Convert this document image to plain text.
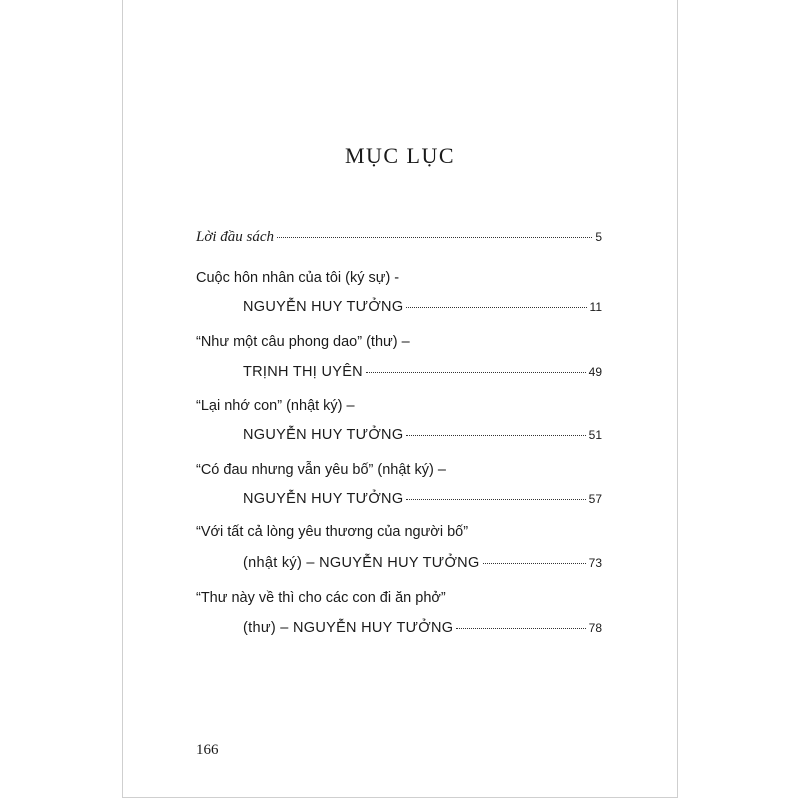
MỤC LỤC
Lời đầu sách	5
Cuộc hôn nhân của tôi (ký sự) -
NGUYỄN HUY TƯỞNG	11
“Như một câu phong dao” (thư) –
TRỊNH THỊ UYÊN	49
“Lại nhớ con” (nhật ký) –
NGUYỄN HUY TƯỞNG	51
“Có đau nhưng vẫn yêu bố” (nhật ký) –
NGUYỄN HUY TƯỞNG	57
“Với tất cả lòng yêu thương của người bố”
(nhật ký) – NGUYỄN HUY TƯỞNG	73
“Thư này về thì cho các con đi ăn phở”
(thư) – NGUYỄN HUY TƯỞNG	78
166
